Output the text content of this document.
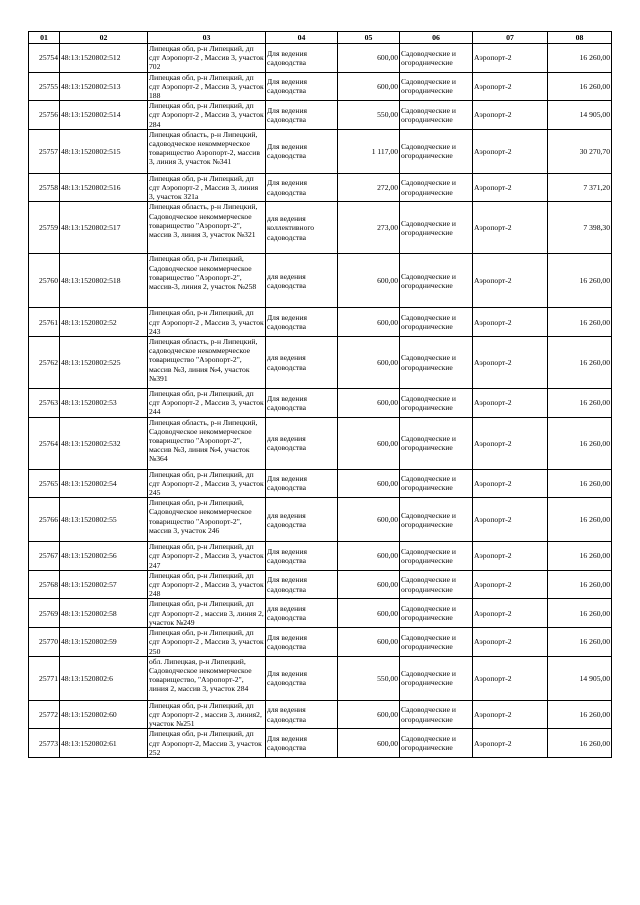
01	02	03	04	05	06	07	08
25754	48:13:1520802:512	Липецкая обл, р-н Липецкий, дп сдт Аэропорт-2 , Массив 3, участок 702	Для ведения садоводства	600,00	Садоводческие и огороднические	Аэропорт-2	16 260,00
25755	48:13:1520802:513	Липецкая обл, р-н Липецкий, дп сдт Аэропорт-2 , Массив 3, участок 188	Для ведения садоводства	600,00	Садоводческие и огороднические	Аэропорт-2	16 260,00
25756	48:13:1520802:514	Липецкая обл, р-н Липецкий, дп сдт Аэропорт-2 , Массив 3, участок 284	Для ведения садоводства	550,00	Садоводческие и огороднические	Аэропорт-2	14 905,00
25757	48:13:1520802:515	Липецкая область, р-н Липецкий, садоводческое некоммерческое товарищество Аэропорт-2, массив 3, линия 3, участок №341	Для ведения садоводства	1 117,00	Садоводческие и огороднические	Аэропорт-2	30 270,70
25758	48:13:1520802:516	Липецкая обл, р-н Липецкий, дп сдт Аэропорт-2 , Массив 3, линия 3, участок 321а	Для ведения садоводства	272,00	Садоводческие и огороднические	Аэропорт-2	7 371,20
25759	48:13:1520802:517	Липецкая область, р-н Липецкий, Садоводческое некоммерческое товарищество "Аэропорт-2", массив 3, линия 3, участок №321	для ведения коллективного садоводства	273,00	Садоводческие и огороднические	Аэропорт-2	7 398,30
25760	48:13:1520802:518	Липецкая обл, р-н Липецкий, Садоводческое некоммерческое товарищество "Аэропорт-2", массив-3, линия 2, участок №258	для ведения садоводства	600,00	Садоводческие и огороднические	Аэропорт-2	16 260,00
25761	48:13:1520802:52	Липецкая обл, р-н Липецкий, дп сдт Аэропорт-2 , Массив 3, участок 243	Для ведения садоводства	600,00	Садоводческие и огороднические	Аэропорт-2	16 260,00
25762	48:13:1520802:525	Липецкая область, р-н Липецкий, садоводческое некоммерческое товарищество "Аэропорт-2", массив №3, линия №4, участок №391	для ведения садоводства	600,00	Садоводческие и огороднические	Аэропорт-2	16 260,00
25763	48:13:1520802:53	Липецкая обл, р-н Липецкий, дп сдт Аэропорт-2 , Массив 3, участок 244	Для ведения садоводства	600,00	Садоводческие и огороднические	Аэропорт-2	16 260,00
25764	48:13:1520802:532	Липецкая область, р-н Липецкий, Садоводческое некоммерческое товарищество "Аэропорт-2", массив №3, линия №4, участок №364	для ведения садоводства	600,00	Садоводческие и огороднические	Аэропорт-2	16 260,00
25765	48:13:1520802:54	Липецкая обл, р-н Липецкий, дп сдт Аэропорт-2 , Массив 3, участок 245	Для ведения садоводства	600,00	Садоводческие и огороднические	Аэропорт-2	16 260,00
25766	48:13:1520802:55	Липецкая обл, р-н Липецкий, Садоводческое некоммерческое товарищество "Аэропорт-2", массив 3, участок 246	для ведения садоводства	600,00	Садоводческие и огороднические	Аэропорт-2	16 260,00
25767	48:13:1520802:56	Липецкая обл, р-н Липецкий, дп сдт Аэропорт-2 , Массив 3, участок 247	Для ведения садоводства	600,00	Садоводческие и огороднические	Аэропорт-2	16 260,00
25768	48:13:1520802:57	Липецкая обл, р-н Липецкий, дп сдт Аэропорт-2 , Массив 3, участок 248	Для ведения садоводства	600,00	Садоводческие и огороднические	Аэропорт-2	16 260,00
25769	48:13:1520802:58	Липецкая обл, р-н Липецкий, дп сдт Аэропорт-2 , массив 3, линия 2, участок №249	для ведения садоводства	600,00	Садоводческие и огороднические	Аэропорт-2	16 260,00
25770	48:13:1520802:59	Липецкая обл, р-н Липецкий, дп сдт Аэропорт-2 , Массив 3, участок 250	Для ведения садоводства	600,00	Садоводческие и огороднические	Аэропорт-2	16 260,00
25771	48:13:1520802:6	обл. Липецкая, р-н Липецкий, Садоводческое некоммерческое товарищество, "Аэропорт-2", линия 2, массив 3, участок 284	Для ведения садоводства	550,00	Садоводческие и огороднические	Аэропорт-2	14 905,00
25772	48:13:1520802:60	Липецкая обл, р-н Липецкий, дп сдт Аэропорт-2 , массив 3, линия2, участок №251	для ведения садоводства	600,00	Садоводческие и огороднические	Аэропорт-2	16 260,00
25773	48:13:1520802:61	Липецкая обл, р-н Липецкий, дп сдт Аэропорт-2, Массив 3, участок 252	Для ведения садоводства	600,00	Садоводческие и огороднические	Аэропорт-2	16 260,00
